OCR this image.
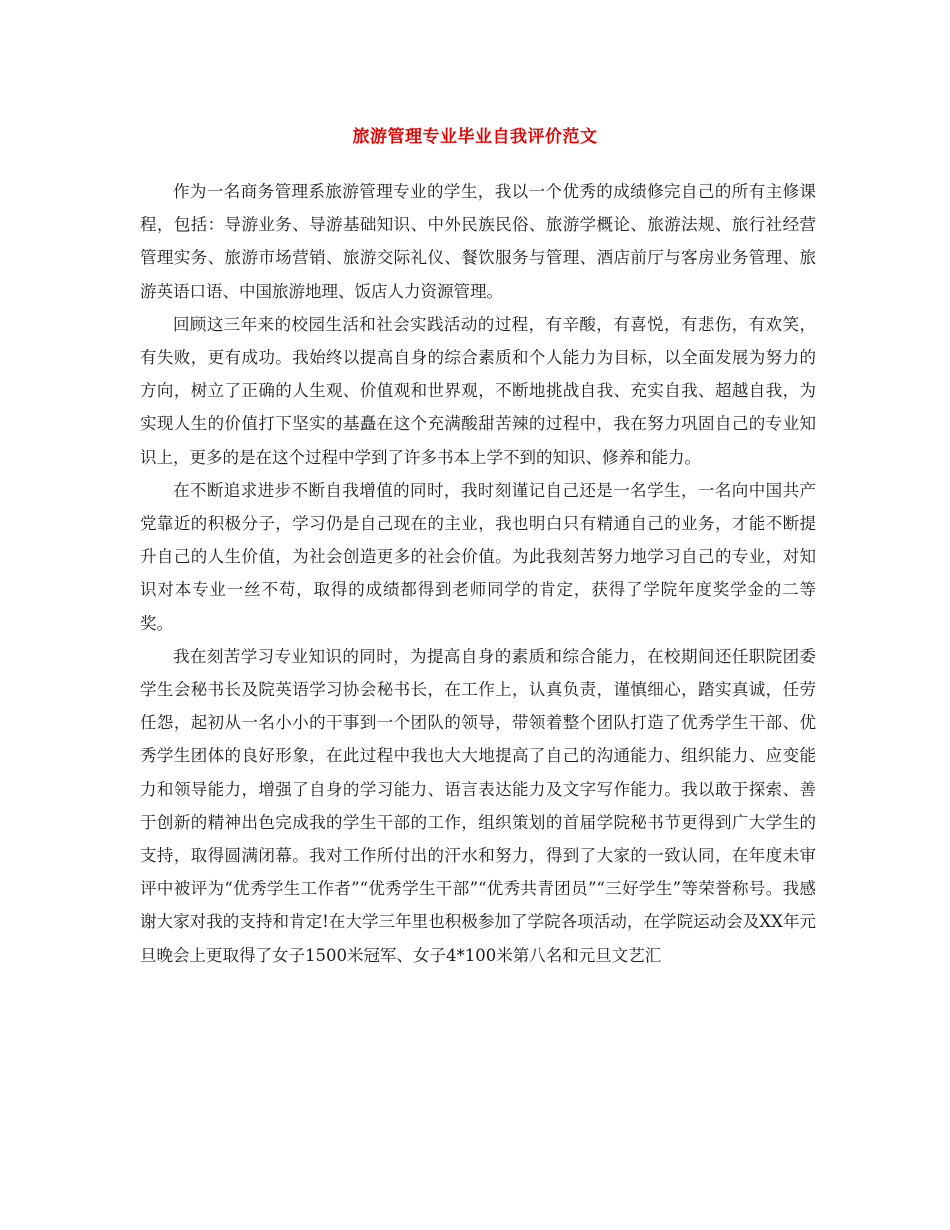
旅游管理专业毕业自我评价范文

作为一名商务管理系旅游管理专业的学生，我以一个优秀的成绩修完自己的所有主修课程，包括：导游业务、导游基础知识、中外民族民俗、旅游学概论、旅游法规、旅行社经营管理实务、旅游市场营销、旅游交际礼仪、餐饮服务与管理、酒店前厅与客房业务管理、旅游英语口语、中国旅游地理、饭店人力资源管理。

回顾这三年来的校园生活和社会实践活动的过程，有辛酸，有喜悦，有悲伤，有欢笑，有失败，更有成功。我始终以提高自身的综合素质和个人能力为目标，以全面发展为努力的方向，树立了正确的人生观、价值观和世界观，不断地挑战自我、充实自我、超越自我，为实现人生的价值打下坚实的基矗在这个充满酸甜苦辣的过程中，我在努力巩固自己的专业知识上，更多的是在这个过程中学到了许多书本上学不到的知识、修养和能力。

在不断追求进步不断自我增值的同时，我时刻谨记自己还是一名学生，一名向中国共产党靠近的积极分子，学习仍是自己现在的主业，我也明白只有精通自己的业务，才能不断提升自己的人生价值，为社会创造更多的社会价值。为此我刻苦努力地学习自己的专业，对知识对本专业一丝不苟，取得的成绩都得到老师同学的肯定，获得了学院年度奖学金的二等奖。

我在刻苦学习专业知识的同时，为提高自身的素质和综合能力，在校期间还任职院团委学生会秘书长及院英语学习协会秘书长，在工作上，认真负责，谨慎细心，踏实真诚，任劳任怨，起初从一名小小的干事到一个团队的领导，带领着整个团队打造了优秀学生干部、优秀学生团体的良好形象，在此过程中我也大大地提高了自己的沟通能力、组织能力、应变能力和领导能力，增强了自身的学习能力、语言表达能力及文字写作能力。我以敢于探索、善于创新的精神出色完成我的学生干部的工作，组织策划的首届学院秘书节更得到广大学生的支持，取得圆满闭幕。我对工作所付出的汗水和努力，得到了大家的一致认同，在年度未审评中被评为“优秀学生工作者”“优秀学生干部”“优秀共青团员”“三好学生”等荣誉称号。我感谢大家对我的支持和肯定!在大学三年里也积极参加了学院各项活动，在学院运动会及XX年元旦晚会上更取得了女子1500米冠军、女子4*100米第八名和元旦文艺汇
